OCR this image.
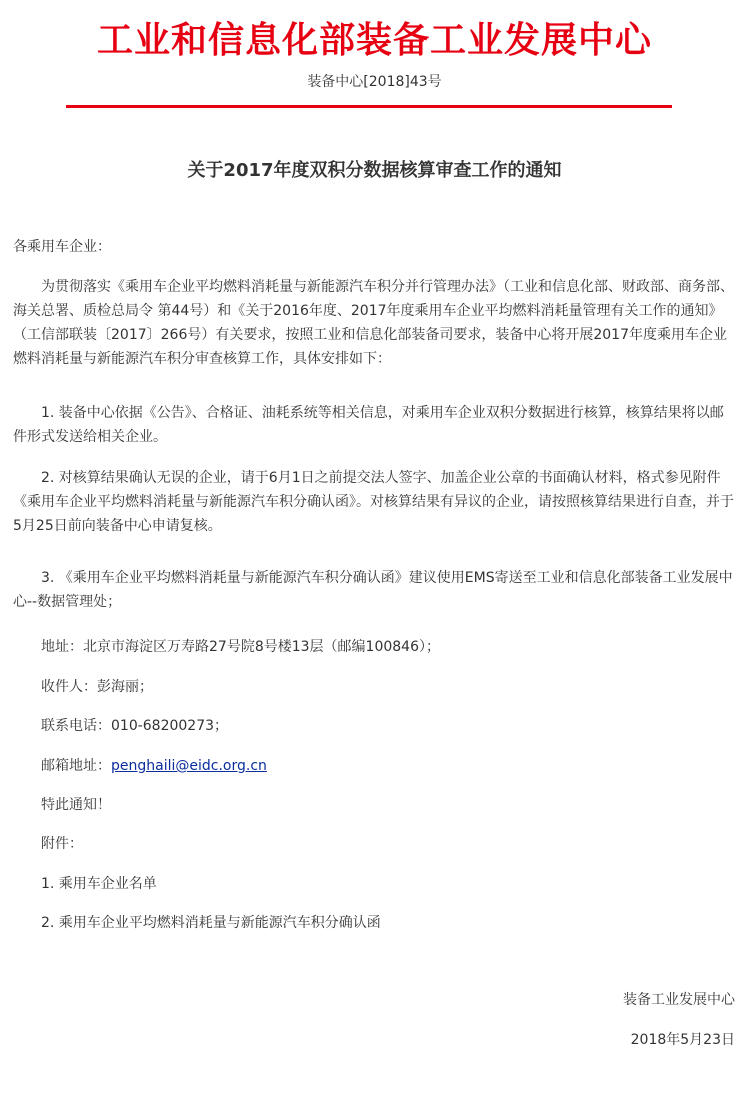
工业和信息化部装备工业发展中心
装备中心[2018]43号
关于2017年度双积分数据核算审查工作的通知
各乘用车企业：

为贯彻落实《乘用车企业平均燃料消耗量与新能源汽车积分并行管理办法》（工业和信息化部、财政部、商务部、海关总署、质检总局令 第44号）和《关于2016年度、2017年度乘用车企业平均燃料消耗量管理有关工作的通知》（工信部联装〔2017〕266号）有关要求，按照工业和信息化部装备司要求，装备中心将开展2017年度乘用车企业燃料消耗量与新能源汽车积分审查核算工作，具体安排如下：

1. 装备中心依据《公告》、合格证、油耗系统等相关信息，对乘用车企业双积分数据进行核算，核算结果将以邮件形式发送给相关企业。

2. 对核算结果确认无误的企业，请于6月1日之前提交法人签字、加盖企业公章的书面确认材料，格式参见附件《乘用车企业平均燃料消耗量与新能源汽车积分确认函》。对核算结果有异议的企业，请按照核算结果进行自查，并于5月25日前向装备中心申请复核。

3. 《乘用车企业平均燃料消耗量与新能源汽车积分确认函》建议使用EMS寄送至工业和信息化部装备工业发展中心--数据管理处；

地址：北京市海淀区万寿路27号院8号楼13层（邮编100846）；
收件人：彭海丽；
联系电话：010-68200273；
邮箱地址：penghaili@eidc.org.cn
特此通知！
附件：
1. 乘用车企业名单
2. 乘用车企业平均燃料消耗量与新能源汽车积分确认函
装备工业发展中心
2018年5月23日
